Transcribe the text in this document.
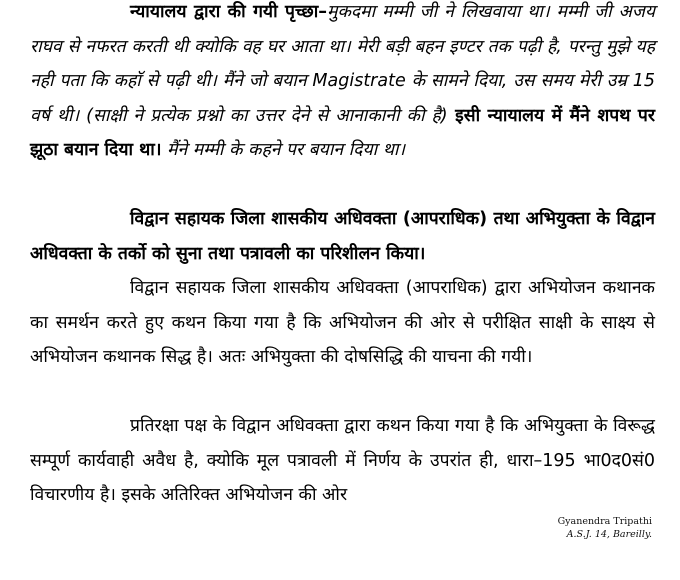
न्यायालय द्वारा की गयी पृच्छा–मुकदमा मम्मी जी ने लिखवाया था। मम्मी जी अजय राघव से नफरत करती थी क्योकि वह घर आता था। मेरी बड़ी बहन इण्टर तक पढ़ी है, परन्तु मुझे यह नही पता कि कहाॅ से पढ़ी थी। मैंने जो बयान Magistrate के सामने दिया, उस समय मेरी उम्र 15 वर्ष थी। (साक्षी ने प्रत्येक प्रश्नो का उत्तर देने से आनाकानी की है) इसी न्यायालय में मैंने शपथ पर झूठा बयान दिया था। मैंने मम्मी के कहने पर बयान दिया था।

विद्वान सहायक जिला शासकीय अधिवक्ता (आपराधिक) तथा अभियुक्ता के विद्वान अधिवक्ता के तर्को को सुना तथा पत्रावली का परिशीलन किया।

विद्वान सहायक जिला शासकीय अधिवक्ता (आपराधिक) द्वारा अभियोजन कथानक का समर्थन करते हुए कथन किया गया है कि अभियोजन की ओर से परीक्षित साक्षी के साक्ष्य से अभियोजन कथानक सिद्ध है। अतः अभियुक्ता की दोषसिद्धि की याचना की गयी।

प्रतिरक्षा पक्ष के विद्वान अधिवक्ता द्वारा कथन किया गया है कि अभियुक्ता के विरूद्ध सम्पूर्ण कार्यवाही अवैध है, क्योकि मूल पत्रावली में निर्णय के उपरांत ही, धारा–195 भा0द0सं0 विचारणीय है। इसके अतिरिक्त अभियोजन की ओर

Gyanendra Tripathi
A.S.J. 14, Bareilly.
